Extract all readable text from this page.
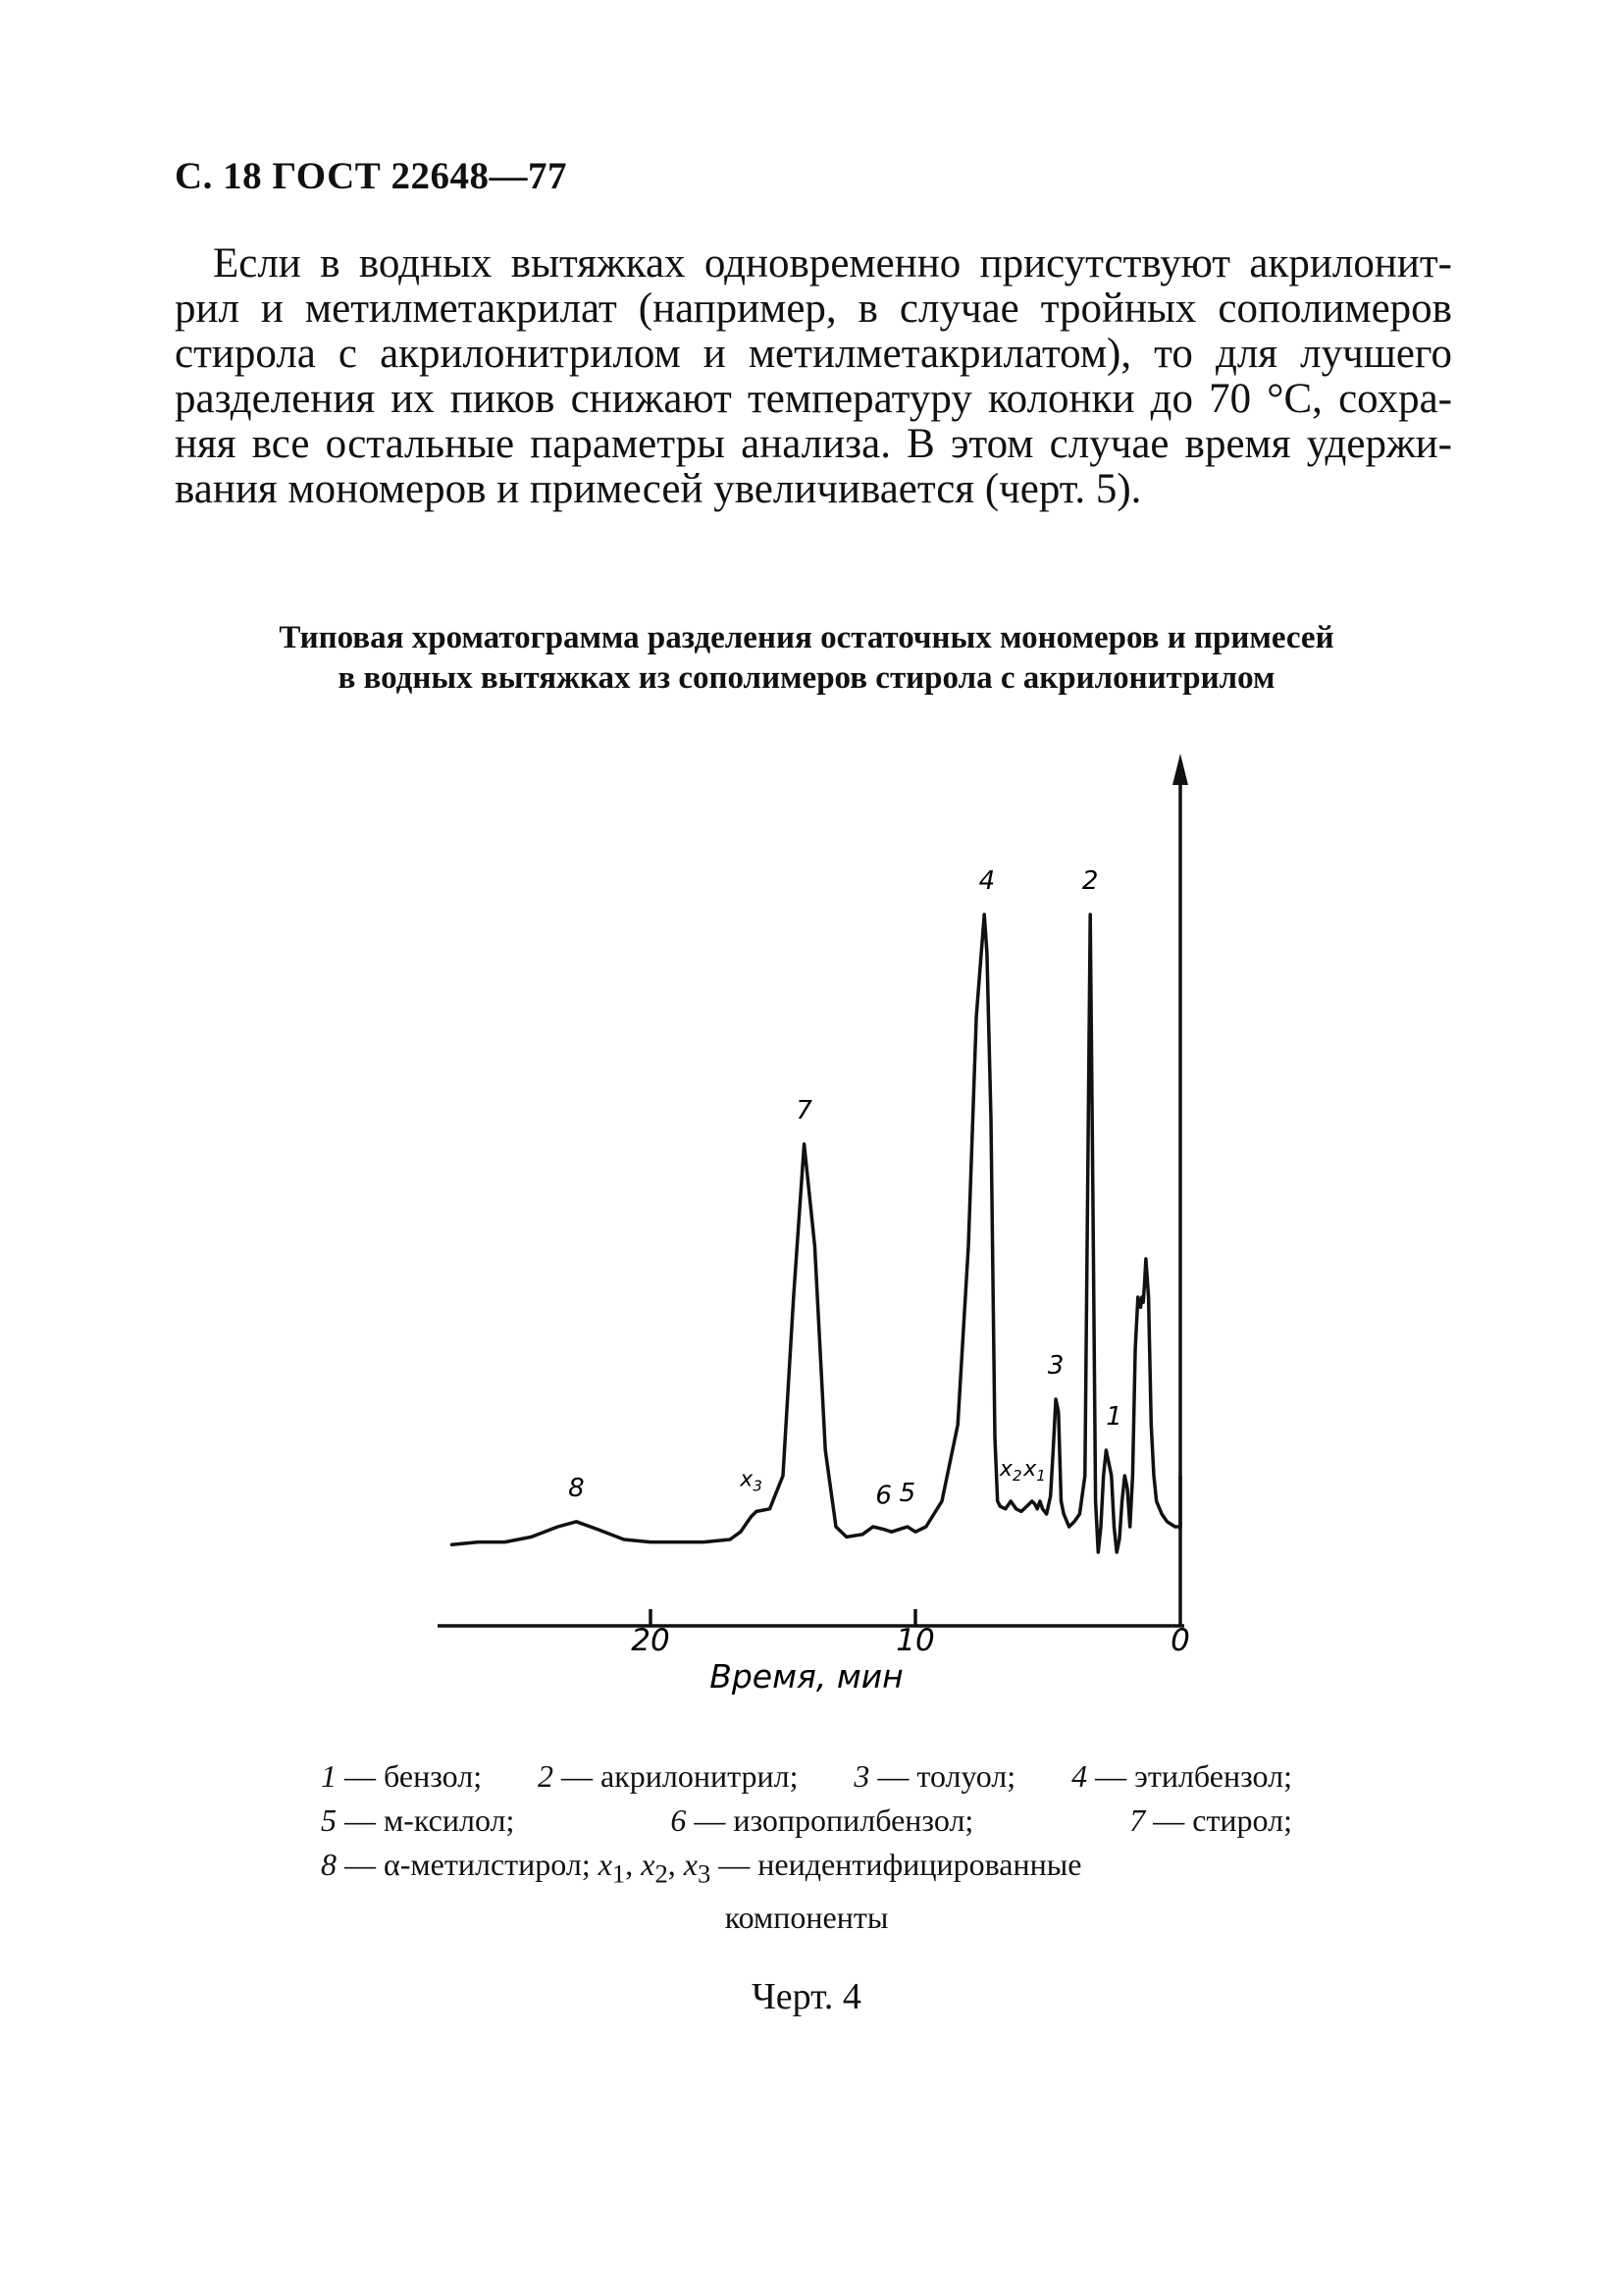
С. 18 ГОСТ 22648—77
Если в водных вытяжках одновременно присутствуют акрилонит-
рил и метилметакрилат (например, в случае тройных сополимеров
стирола с акрилонитрилом и метилметакрилатом), то для лучшего
разделения их пиков снижают температуру колонки до 70 °С, сохра-
няя все остальные параметры анализа. В этом случае время удержи-
вания мономеров и примесей увеличивается (черт. 5).
Типовая хроматограмма разделения остаточных мономеров и примесей
в водных вытяжках из сополимеров стирола с акрилонитрилом
1
2
3
$x_1$
$x_2$
4
5
6
7
$x_3$
8
20	10	0
Время, мин
1 — бензол; 2 — акрилонитрил; 3 — толуол; 4 — этилбензол;
5 — м-ксилол;	6 — изопропилбензол;	7 — стирол;
8 — α-метилстирол; $x_1$, $x_2$, $x_3$ — неидентифицированные
компоненты
Черт. 4
